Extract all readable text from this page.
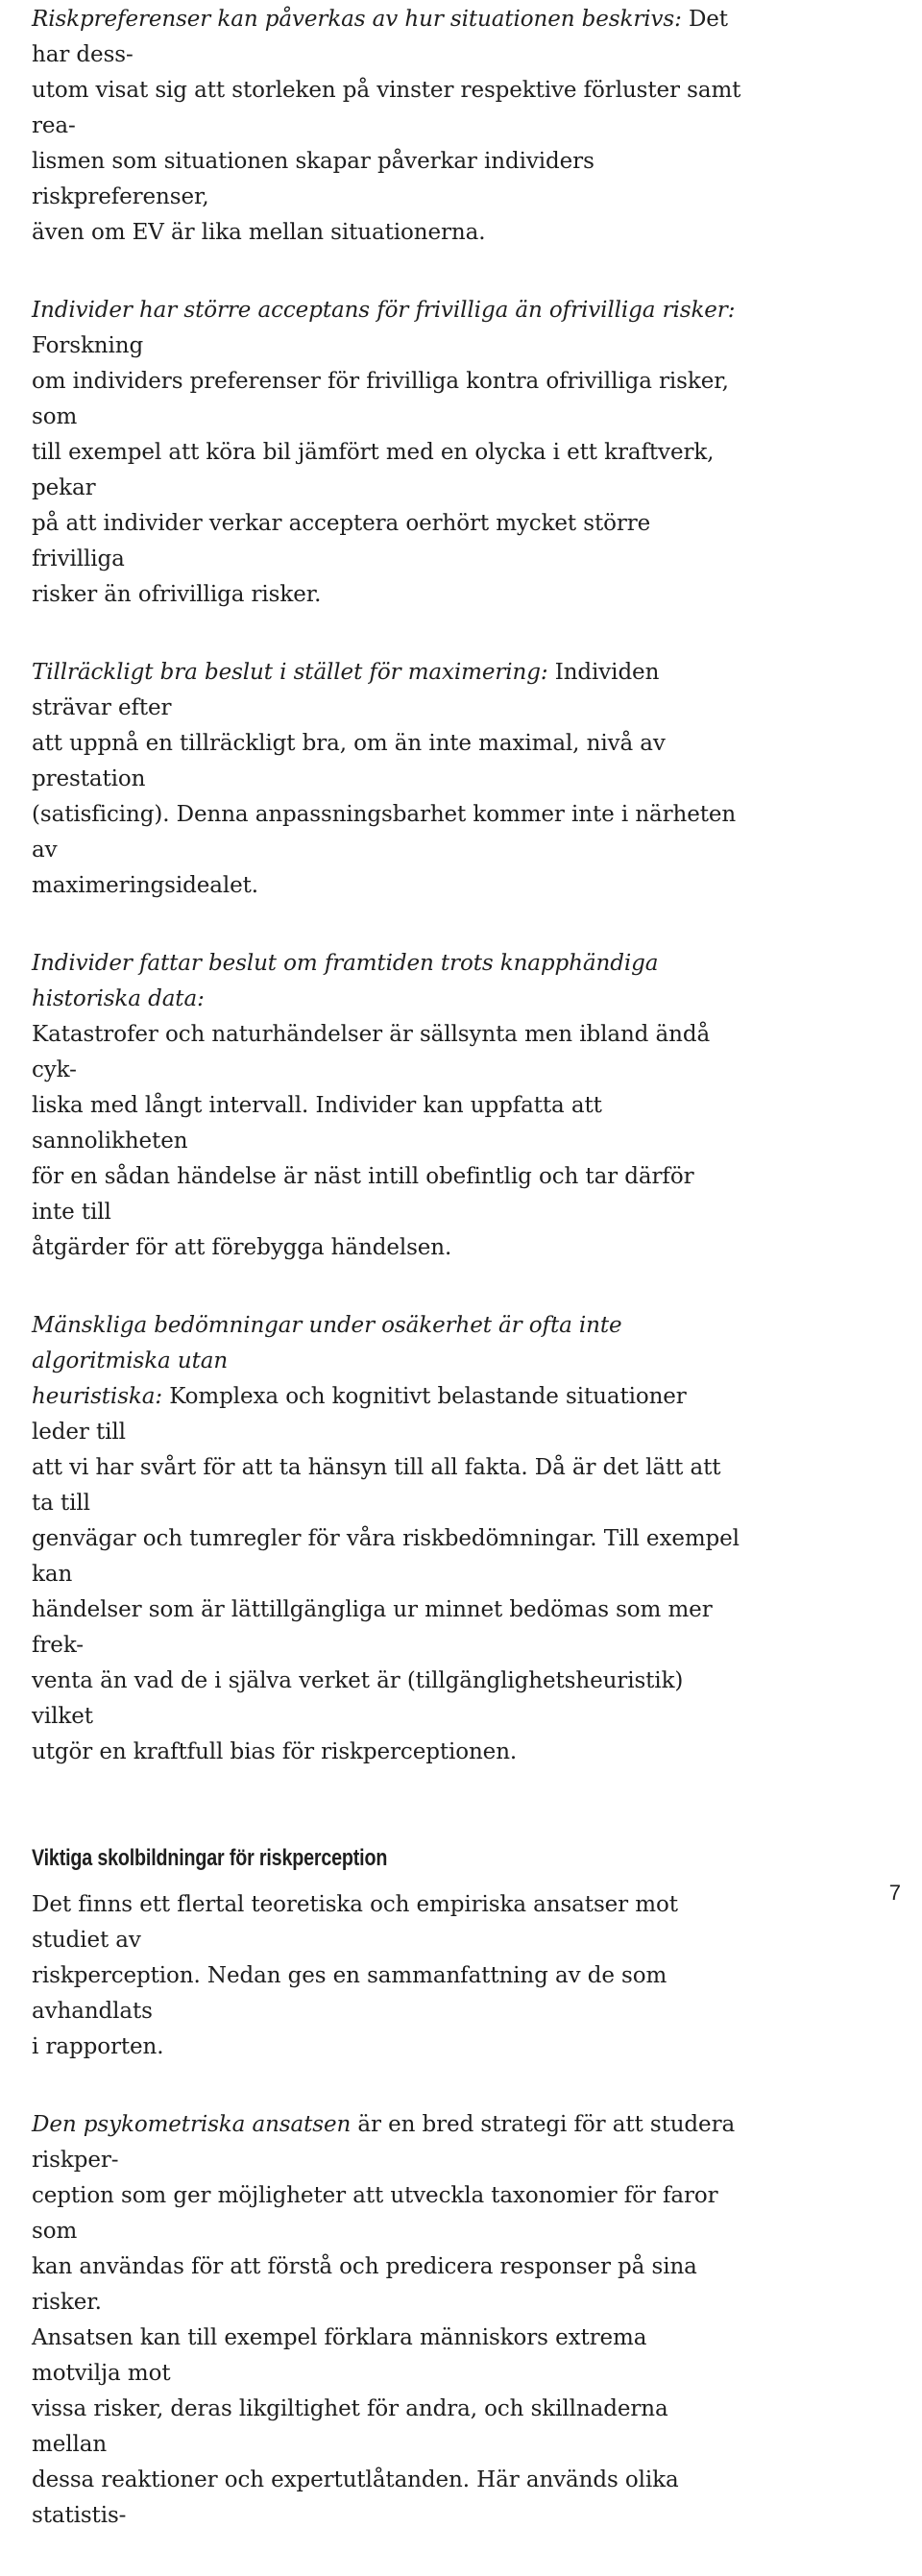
Riskpreferenser kan påverkas av hur situationen beskrivs: Det har dess-
utom visat sig att storleken på vinster respektive förluster samt rea-
lismen som situationen skapar påverkar individers riskpreferenser,
även om EV är lika mellan situationerna.

Individer har större acceptans för frivilliga än ofrivilliga risker: Forskning
om individers preferenser för frivilliga kontra ofrivilliga risker, som
till exempel att köra bil jämfört med en olycka i ett kraftverk, pekar
på att individer verkar acceptera oerhört mycket större frivilliga
risker än ofrivilliga risker.

Tillräckligt bra beslut i stället för maximering: Individen strävar efter
att uppnå en tillräckligt bra, om än inte maximal, nivå av prestation
(satisficing). Denna anpassningsbarhet kommer inte i närheten av
maximeringsidealet.

Individer fattar beslut om framtiden trots knapphändiga historiska data:
Katastrofer och naturhändelser är sällsynta men ibland ändå cyk-
liska med långt intervall. Individer kan uppfatta att sannolikheten
för en sådan händelse är näst intill obefintlig och tar därför inte till
åtgärder för att förebygga händelsen.

Mänskliga bedömningar under osäkerhet är ofta inte algoritmiska utan
heuristiska: Komplexa och kognitivt belastande situationer leder till
att vi har svårt för att ta hänsyn till all fakta. Då är det lätt att ta till
genvägar och tumregler för våra riskbedömningar. Till exempel kan
händelser som är lättillgängliga ur minnet bedömas som mer frek-
venta än vad de i själva verket är (tillgänglighetsheuristik) vilket
utgör en kraftfull bias för riskperceptionen.

Viktiga skolbildningar för riskperception

Det finns ett flertal teoretiska och empiriska ansatser mot studiet av
riskperception. Nedan ges en sammanfattning av de som avhandlats
i rapporten.

Den psykometriska ansatsen är en bred strategi för att studera riskper-
ception som ger möjligheter att utveckla taxonomier för faror som
kan användas för att förstå och predicera responser på sina risker.
Ansatsen kan till exempel förklara människors extrema motvilja mot
vissa risker, deras likgiltighet för andra, och skillnaderna mellan
dessa reaktioner och expertutlåtanden. Här används olika statistis-

7
